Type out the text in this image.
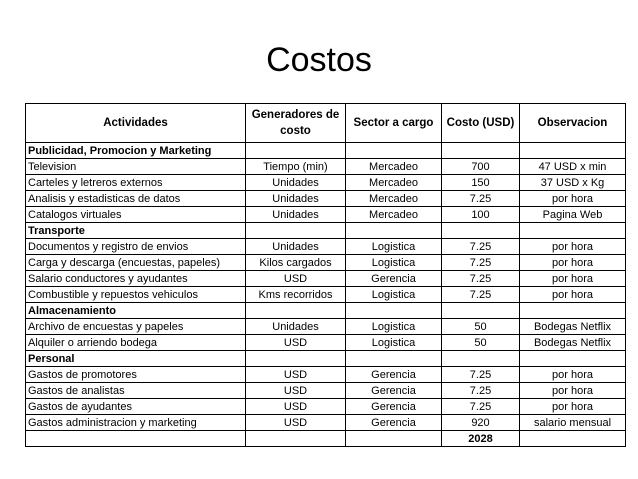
Costos
Actividades	Generadores de costo	Sector a cargo	Costo (USD)	Observacion
Publicidad, Promocion y Marketing				
Television	Tiempo (min)	Mercadeo	700	47 USD x min
Carteles y letreros externos	Unidades	Mercadeo	150	37 USD x Kg
Analisis y estadisticas de datos	Unidades	Mercadeo	7.25	por hora
Catalogos virtuales	Unidades	Mercadeo	100	Pagina Web
Transporte				
Documentos y registro de envios	Unidades	Logistica	7.25	por hora
Carga y descarga (encuestas, papeles)	Kilos cargados	Logistica	7.25	por hora
Salario conductores y ayudantes	USD	Gerencia	7.25	por hora
Combustible y repuestos vehiculos	Kms recorridos	Logistica	7.25	por hora
Almacenamiento				
Archivo de encuestas y papeles	Unidades	Logistica	50	Bodegas Netflix
Alquiler o arriendo bodega	USD	Logistica	50	Bodegas Netflix
Personal				
Gastos de promotores	USD	Gerencia	7.25	por hora
Gastos de analistas	USD	Gerencia	7.25	por hora
Gastos de ayudantes	USD	Gerencia	7.25	por hora
Gastos administracion y marketing	USD	Gerencia	920	salario mensual
			2028	
